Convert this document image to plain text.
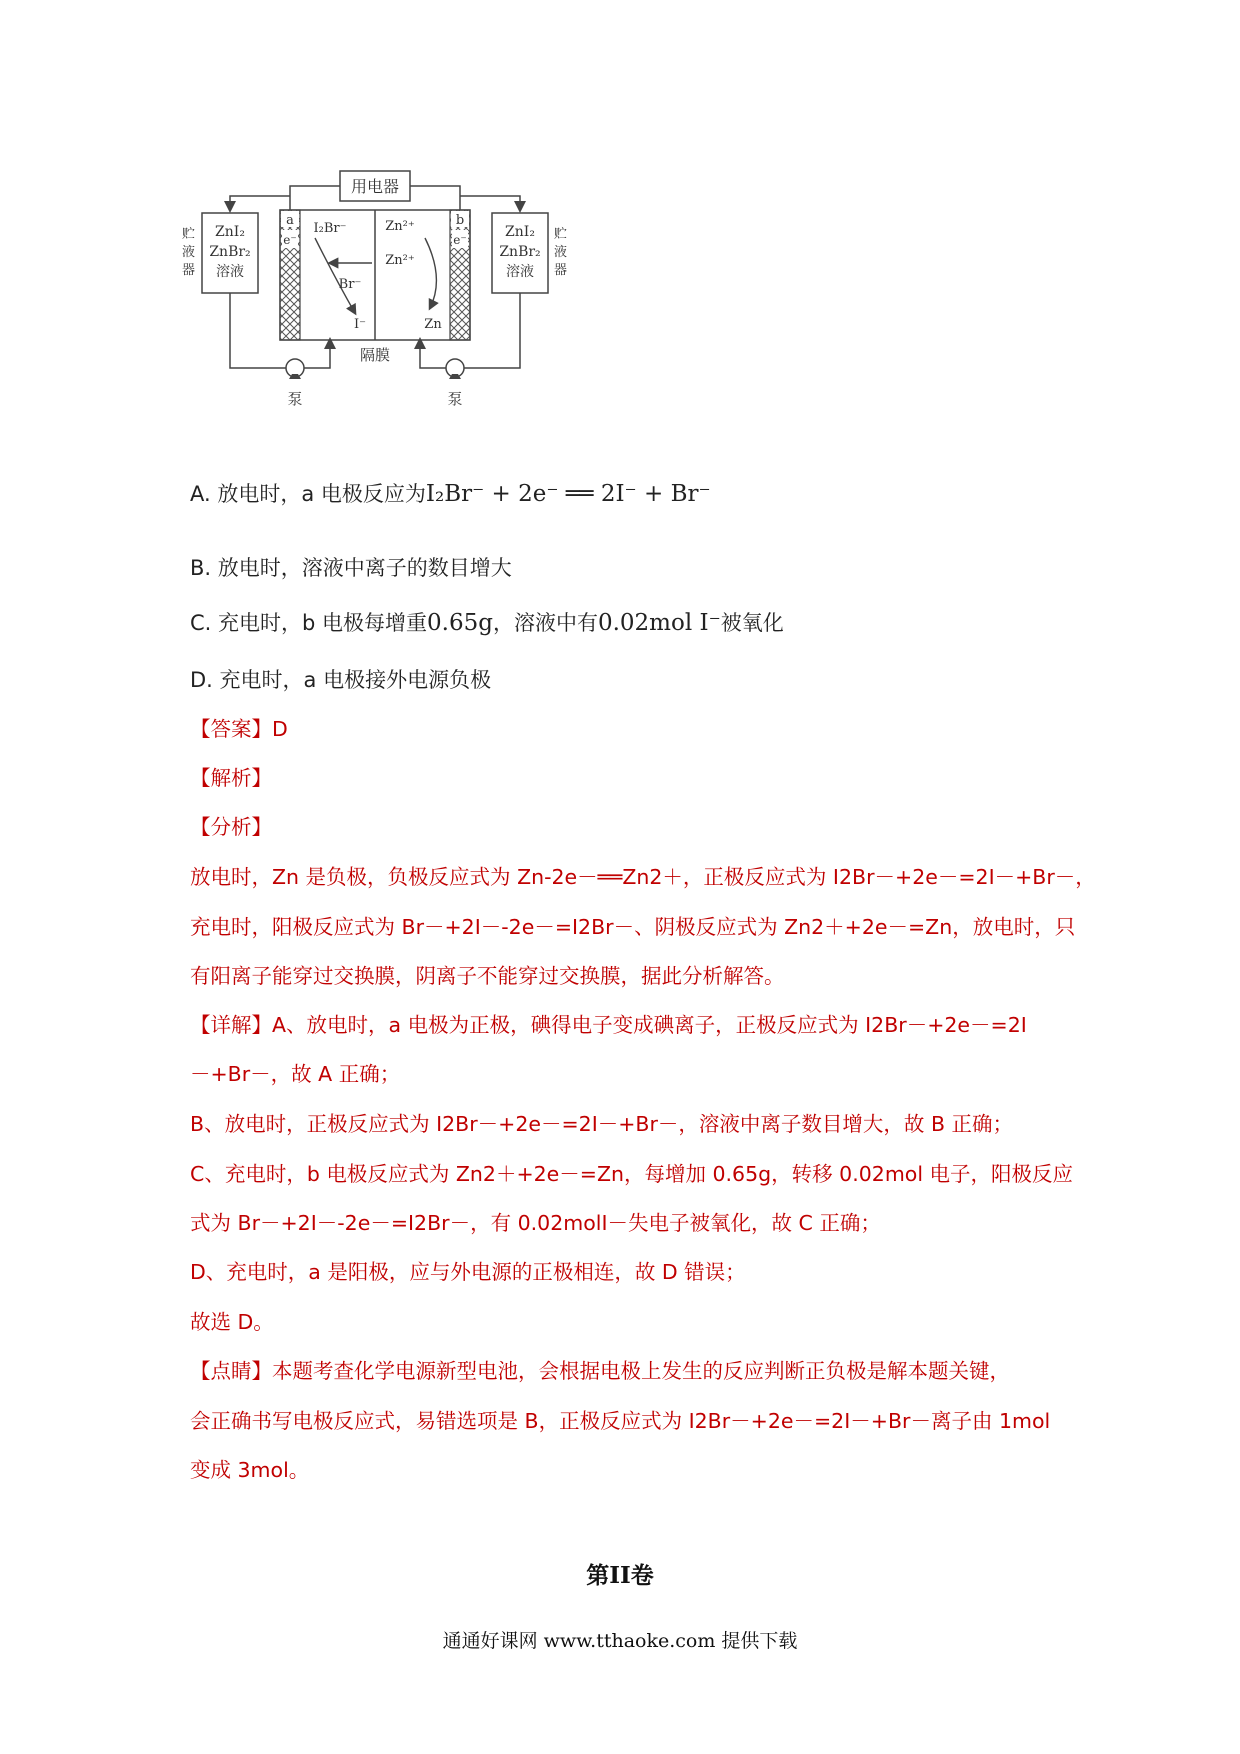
用电器
ZnI₂
ZnBr₂
溶液
贮液器
ZnI₂
ZnBr₂
溶液
贮液器
a	b
e⁻	e⁻
I₂Br⁻
Br⁻
I⁻
Zn²⁺
Zn²⁺
Zn
隔膜
泵	泵
A. 放电时，a 电极反应为I₂Br⁻ + 2e⁻ ══ 2I⁻ + Br⁻
B. 放电时，溶液中离子的数目增大
C. 充电时，b 电极每增重0.65g，溶液中有0.02mol I⁻被氧化
D. 充电时，a 电极接外电源负极
【答案】D
【解析】
【分析】
放电时，Zn 是负极，负极反应式为 Zn-2e－══Zn2＋，正极反应式为 I2Br－+2e－=2I－+Br－，
充电时，阳极反应式为 Br－+2I－-2e－=I2Br－、阴极反应式为 Zn2＋+2e－=Zn，放电时，只
有阳离子能穿过交换膜，阴离子不能穿过交换膜，据此分析解答。
【详解】A、放电时，a 电极为正极，碘得电子变成碘离子，正极反应式为 I2Br－+2e－=2I
－+Br－，故 A 正确；
B、放电时，正极反应式为 I2Br－+2e－=2I－+Br－，溶液中离子数目增大，故 B 正确；
C、充电时，b 电极反应式为 Zn2＋+2e－=Zn，每增加 0.65g，转移 0.02mol 电子，阳极反应
式为 Br－+2I－-2e－=I2Br－，有 0.02molI－失电子被氧化，故 C 正确；
D、充电时，a 是阳极，应与外电源的正极相连，故 D 错误；
故选 D。
【点睛】本题考查化学电源新型电池，会根据电极上发生的反应判断正负极是解本题关键，
会正确书写电极反应式，易错选项是 B，正极反应式为 I2Br－+2e－=2I－+Br－离子由 1mol
变成 3mol。
第II卷
通通好课网 www.tthaoke.com 提供下载
